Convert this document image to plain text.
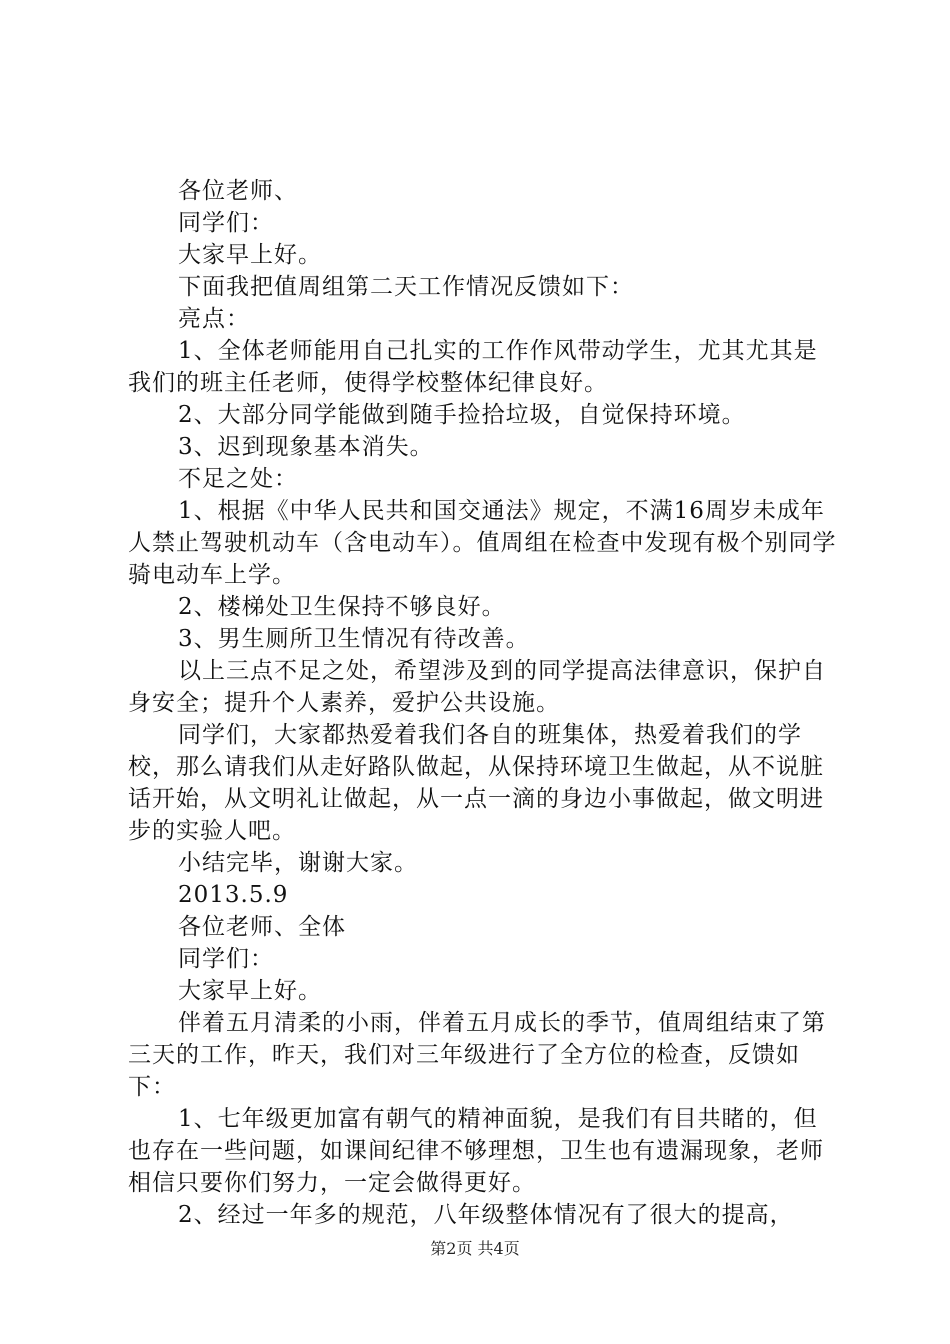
各位老师、

同学们：

大家早上好。

下面我把值周组第二天工作情况反馈如下：

亮点：

1、全体老师能用自己扎实的工作作风带动学生，尤其尤其是我们的班主任老师，使得学校整体纪律良好。

2、大部分同学能做到随手捡拾垃圾，自觉保持环境。

3、迟到现象基本消失。

不足之处：

1、根据《中华人民共和国交通法》规定，不满16周岁未成年人禁止驾驶机动车（含电动车）。值周组在检查中发现有极个别同学骑电动车上学。

2、楼梯处卫生保持不够良好。

3、男生厕所卫生情况有待改善。

以上三点不足之处，希望涉及到的同学提高法律意识，保护自身安全；提升个人素养，爱护公共设施。

同学们，大家都热爱着我们各自的班集体，热爱着我们的学校，那么请我们从走好路队做起，从保持环境卫生做起，从不说脏话开始，从文明礼让做起，从一点一滴的身边小事做起，做文明进步的实验人吧。

小结完毕，谢谢大家。

2013.5.9

各位老师、全体

同学们：

大家早上好。

伴着五月清柔的小雨，伴着五月成长的季节，值周组结束了第三天的工作，昨天，我们对三年级进行了全方位的检查，反馈如下：

1、七年级更加富有朝气的精神面貌，是我们有目共睹的，但也存在一些问题，如课间纪律不够理想，卫生也有遗漏现象，老师相信只要你们努力，一定会做得更好。

2、经过一年多的规范，八年级整体情况有了很大的提高，

第2页 共4页
